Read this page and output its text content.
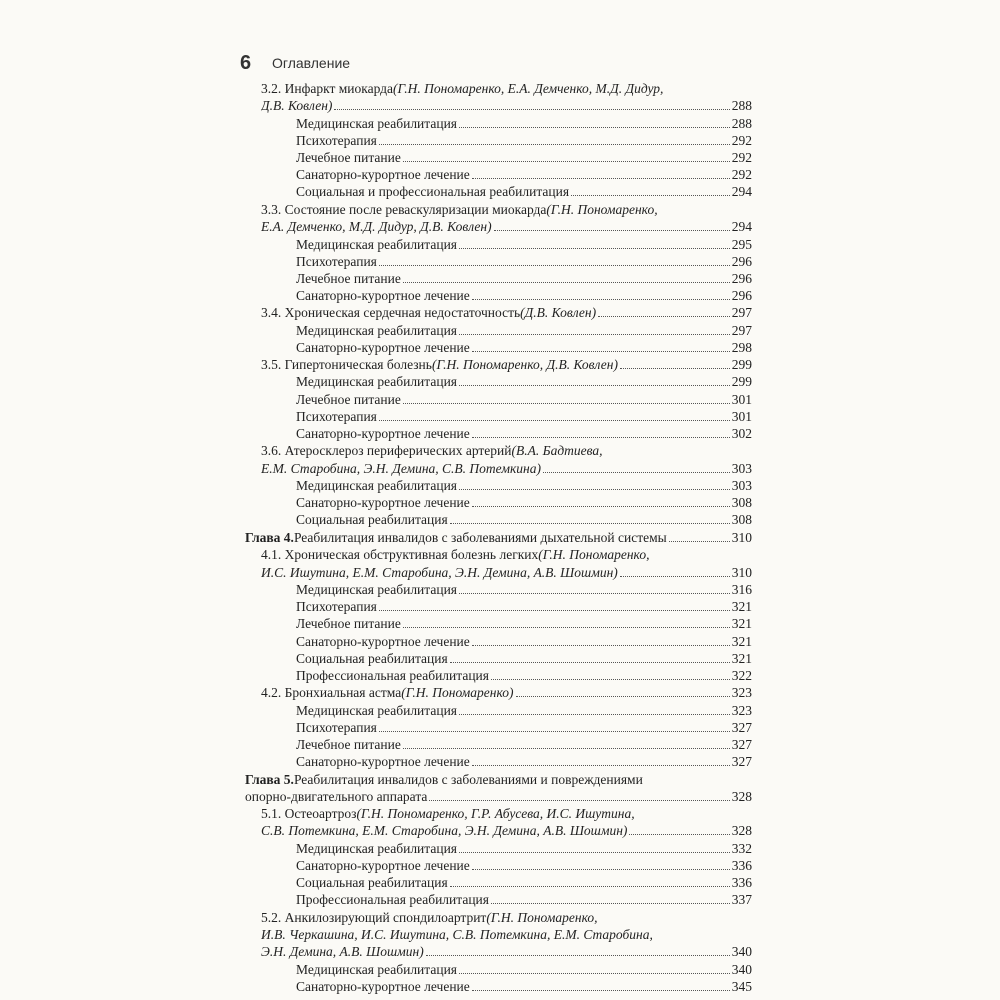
6 Оглавление
3.2. Инфаркт миокарда (Г.Н. Пономаренко, Е.А. Демченко, М.Д. Дидур,
Д.В. Ковлен)	288
Медицинская реабилитация	288
Психотерапия	292
Лечебное питание	292
Санаторно-курортное лечение	292
Социальная и профессиональная реабилитация	294
3.3. Состояние после реваскуляризации миокарда (Г.Н. Пономаренко,
Е.А. Демченко, М.Д. Дидур, Д.В. Ковлен)	294
Медицинская реабилитация	295
Психотерапия	296
Лечебное питание	296
Санаторно-курортное лечение	296
3.4. Хроническая сердечная недостаточность (Д.В. Ковлен)	297
Медицинская реабилитация	297
Санаторно-курортное лечение	298
3.5. Гипертоническая болезнь (Г.Н. Пономаренко, Д.В. Ковлен)	299
Медицинская реабилитация	299
Лечебное питание	301
Психотерапия	301
Санаторно-курортное лечение	302
3.6. Атеросклероз периферических артерий (В.А. Бадтиева,
Е.М. Старобина, Э.Н. Демина, С.В. Потемкина)	303
Медицинская реабилитация	303
Санаторно-курортное лечение	308
Социальная реабилитация	308
Глава 4. Реабилитация инвалидов с заболеваниями дыхательной системы	310
4.1. Хроническая обструктивная болезнь легких (Г.Н. Пономаренко,
И.С. Ишутина, Е.М. Старобина, Э.Н. Демина, А.В. Шошмин)	310
Медицинская реабилитация	316
Психотерапия	321
Лечебное питание	321
Санаторно-курортное лечение	321
Социальная реабилитация	321
Профессиональная реабилитация	322
4.2. Бронхиальная астма (Г.Н. Пономаренко)	323
Медицинская реабилитация	323
Психотерапия	327
Лечебное питание	327
Санаторно-курортное лечение	327
Глава 5. Реабилитация инвалидов с заболеваниями и повреждениями
опорно-двигательного аппарата	328
5.1. Остеоартроз (Г.Н. Пономаренко, Г.Р. Абусева, И.С. Ишутина,
С.В. Потемкина, Е.М. Старобина, Э.Н. Демина, А.В. Шошмин)	328
Медицинская реабилитация	332
Санаторно-курортное лечение	336
Социальная реабилитация	336
Профессиональная реабилитация	337
5.2. Анкилозирующий спондилоартрит (Г.Н. Пономаренко,
И.В. Черкашина, И.С. Ишутина, С.В. Потемкина, Е.М. Старобина,
Э.Н. Демина, А.В. Шошмин)	340
Медицинская реабилитация	340
Санаторно-курортное лечение	345
